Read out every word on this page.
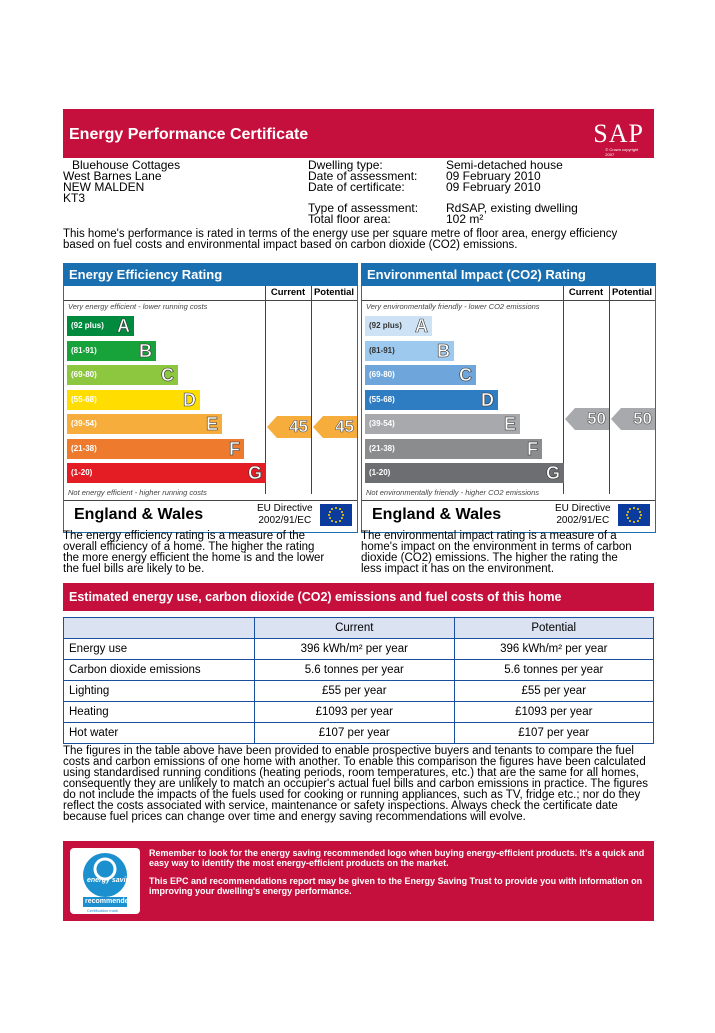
Energy Performance Certificate	SAP
© Crown copyright 2007
Bluehouse Cottages
West Barnes Lane
NEW MALDEN
KT3
Dwelling type:	Semi-detached house
Date of assessment: 09 February 2010
Date of certificate:	09 February 2010
Type of assessment: RdSAP, existing dwelling
Total floor area:	102 m²
This home's performance is rated in terms of the energy use per square metre of floor area, energy efficiency based on fuel costs and environmental impact based on carbon dioxide (CO2) emissions.
Energy Efficiency Rating
Current Potential
Very energy efficient - lower running costs
Not energy efficient - higher running costs
(92 plus) A
(81-91) B
(69-80)	C
(55-68)	D
(39-54)	E
(21-38)	F
(1-20)	G
45 45
England & Wales	EU Directive
2002/91/EC
Environmental Impact (CO2) Rating
Current Potential
Very environmentally friendly - lower CO2 emissions
Not environmentally friendly - higher CO2 emissions
(92 plus) A
(81-91) B
(69-80)	C
(55-68)	D
(39-54)	E
(21-38)	F
(1-20)	G
50 50
England & Wales	EU Directive
2002/91/EC
The energy efficiency rating is a measure of the overall efficiency of a home. The higher the rating the more energy efficient the home is and the lower the fuel bills are likely to be.
The environmental impact rating is a measure of a home's impact on the environment in terms of carbon dioxide (CO2) emissions. The higher the rating the less impact it has on the environment.
Estimated energy use, carbon dioxide (CO2) emissions and fuel costs of this home
	Current	Potential
Energy use	396 kWh/m² per year	396 kWh/m² per year
Carbon dioxide emissions	5.6 tonnes per year	5.6 tonnes per year
Lighting	£55 per year	£55 per year
Heating	£1093 per year	£1093 per year
Hot water	£107 per year	£107 per year
The figures in the table above have been provided to enable prospective buyers and tenants to compare the fuel costs and carbon emissions of one home with another. To enable this comparison the figures have been calculated using standardised running conditions (heating periods, room temperatures, etc.) that are the same for all homes, consequently they are unlikely to match an occupier's actual fuel bills and carbon emissions in practice. The figures do not include the impacts of the fuels used for cooking or running appliances, such as TV, fridge etc.; nor do they reflect the costs associated with service, maintenance or safety inspections. Always check the certificate date because fuel prices can change over time and energy saving recommendations will evolve.
energy saving
recommended
Certification mark
Remember to look for the energy saving recommended logo when buying energy-efficient products. It's a quick and easy way to identify the most energy-efficient products on the market.
This EPC and recommendations report may be given to the Energy Saving Trust to provide you with information on improving your dwelling's energy performance.
